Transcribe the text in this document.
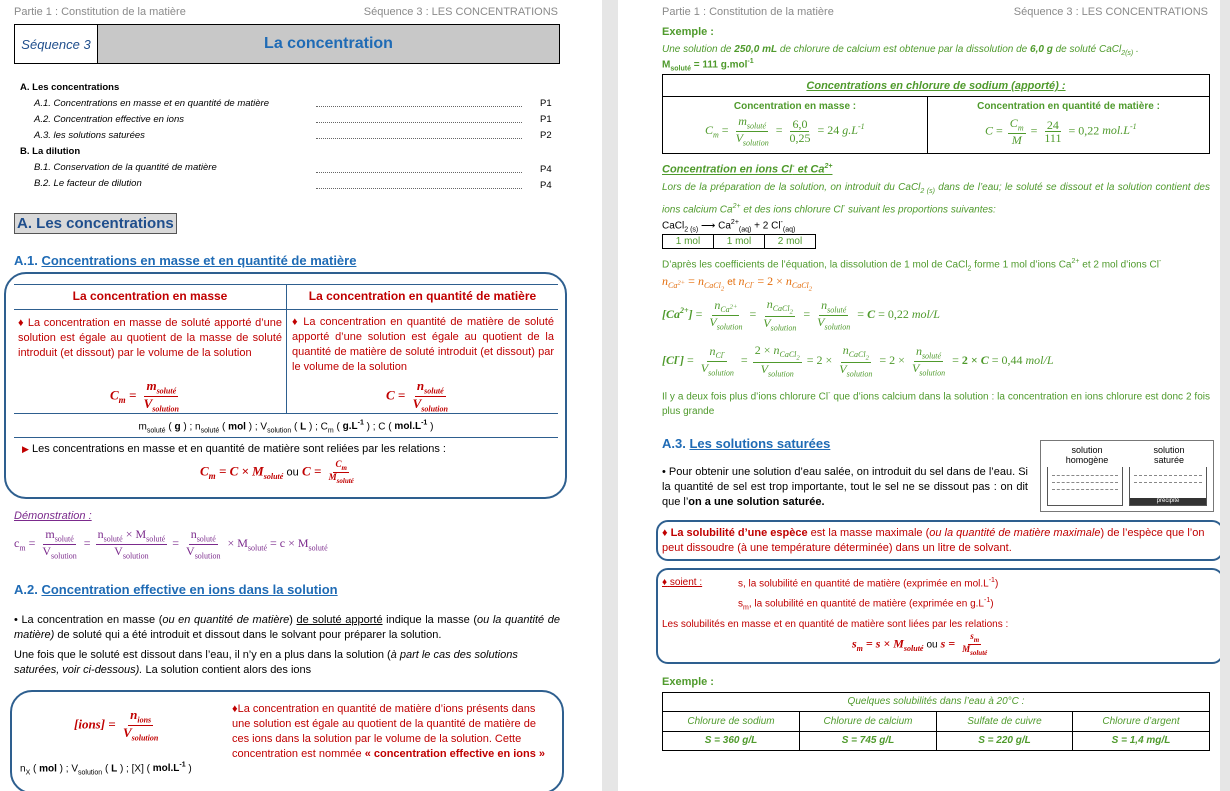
Partie 1 : Constitution de la matière	Séquence 3 : LES CONCENTRATIONS
Séquence 3	La concentration
A. Les concentrations
A.1. Concentrations en masse et en quantité de matière	P1
A.2. Concentration effective en ions	P1
A.3. les solutions saturées	P2
B. La dilution
B.1. Conservation de la quantité de matière	P4
B.2. Le facteur de dilution	P4
A. Les concentrations
A.1. Concentrations en masse et en quantité de matière
La concentration en masse	La concentration en quantité de matière
♦ La concentration en masse de soluté apporté d’une solution est égale au quotient de la masse de soluté introduit (et dissout) par le volume de la solution
♦ La concentration en quantité de matière de soluté apporté d’une solution est égale au quotient de la quantité de matière de soluté introduit (et dissout) par le volume de la solution
$C_m = \frac{m_{soluté}}{V_{solution}}$	$C = \frac{n_{soluté}}{V_{solution}}$
$m_{soluté}$ ( g ) ; $n_{soluté}$ ( mol ) ; $V_{solution}$ ( L ) ; $C_m$ ( $g.L^{-1}$ ) ; C ( $mol.L^{-1}$ )
▶ Les concentrations en masse et en quantité de matière sont reliées par les relations :
$C_m = C \times M_{soluté}$ ou $C = \frac{C_m}{M_{soluté}}$
Démonstration :
$c_m = \frac{m_{soluté}}{V_{solution}} = \frac{n_{soluté} \times M_{soluté}}{V_{solution}} = \frac{n_{soluté}}{V_{solution}} \times M_{soluté} = c \times M_{soluté}$
A.2. Concentration effective en ions dans la solution
• La concentration en masse (ou en quantité de matière) de soluté apporté indique la masse (ou la quantité de matière) de soluté qui a été introduit et dissout dans le solvant pour préparer la solution.
Une fois que le soluté est dissout dans l’eau, il n’y en a plus dans la solution (à part le cas des solutions saturées, voir ci-dessous). La solution contient alors des ions
[ions] = $\frac{n_{ions}}{V_{solution}}$	♦La concentration en quantité de matière d’ions présents dans une solution est égale au quotient de la quantité de matière de ces ions dans la solution par le volume de la solution. Cette concentration est nommée « concentration effective en ions »
$n_X$ ( mol ) ; $V_{solution}$ ( L ) ; [X] ( $mol.L^{-1}$ )
Partie 1 : Constitution de la matière	Séquence 3 : LES CONCENTRATIONS
Exemple :
Une solution de 250,0 mL de chlorure de calcium est obtenue par la dissolution de 6,0 g de soluté CaCl$_{2(s)}$ .
$M_{soluté} = 111$ g.mol$^{-1}$
Concentrations en chlorure de sodium (apporté) :
Concentration en masse :	Concentration en quantité de matière :
$C_m = \frac{m_{soluté}}{V_{solution}} = \frac{6,0}{0,25} = 24$ $g.L^{-1}$	$C = \frac{C_m}{M} = \frac{24}{111} = 0,22$ $mol.L^{-1}$
Concentration en ions Cl- et $Ca^{2+}$
Lors de la préparation de la solution, on introduit du CaCl$_{2 (s)}$ dans de l’eau; le soluté se dissout et la solution contient des ions calcium $Ca^{2+}$ et des ions chlorure Cl- suivant les proportions suivantes:
CaCl$_{2 (s)}$ ⟶ $Ca^{2+}_{(aq)} + 2$ $Cl^-_{(aq)}$
1 mol	1 mol	2 mol
D’après les coefficients de l’équation, la dissolution de 1 mol de CaCl$_2$ forme 1 mol d’ions $Ca^{2+}$ et 2 mol d’ions Cl-
$n_{Ca^{2+}} = n_{CaCl_2}$ et $n_{Cl^-} = 2 \times n_{CaCl_2}$
$[Ca^{2+}] = \frac{n_{Ca^{2+}}}{V_{solution}} = \frac{n_{CaCl_2}}{V_{solution}} = \frac{n_{soluté}}{V_{solution}} = C = 0,22$ mol/L
$[Cl^-] = \frac{n_{Cl^-}}{V_{solution}} = \frac{2 \times n_{CaCl_2}}{V_{solution}} = 2 \times \frac{n_{CaCl_2}}{V_{solution}} = 2 \times \frac{n_{soluté}}{V_{solution}} = 2 \times C = 0,44$ mol/L
Il y a deux fois plus d’ions chlorure Cl- que d’ions calcium dans la solution : la concentration en ions chlorure est donc 2 fois plus grande
A.3. Les solutions saturées
• Pour obtenir une solution d’eau salée, on introduit du sel dans de l’eau. Si la quantité de sel est trop importante, tout le sel ne se dissout pas : on dit que l’on a une solution saturée.
solution homogène
solution saturée
précipité
♦ La solubilité d’une espèce est la masse maximale (ou la quantité de matière maximale) de l’espèce que l’on peut dissoudre (à une température déterminée) dans un litre de solvant.
♦ soient :	s, la solubilité en quantité de matière (exprimée en $mol.L^{-1}$)
$s_m$, la solubilité en quantité de matière (exprimée en $g.L^{-1}$)
Les solubilités en masse et en quantité de matière sont liées par les relations :
$s_m = s \times M_{soluté}$ ou $s = \frac{s_m}{M_{soluté}}$
Exemple :
Quelques solubilités dans l’eau à 20°C :
Chlorure de sodium	Chlorure de calcium	Sulfate de cuivre	Chlorure d’argent
S = 360 g/L	S = 745 g/L	S = 220 g/L	S = 1,4 mg/L
